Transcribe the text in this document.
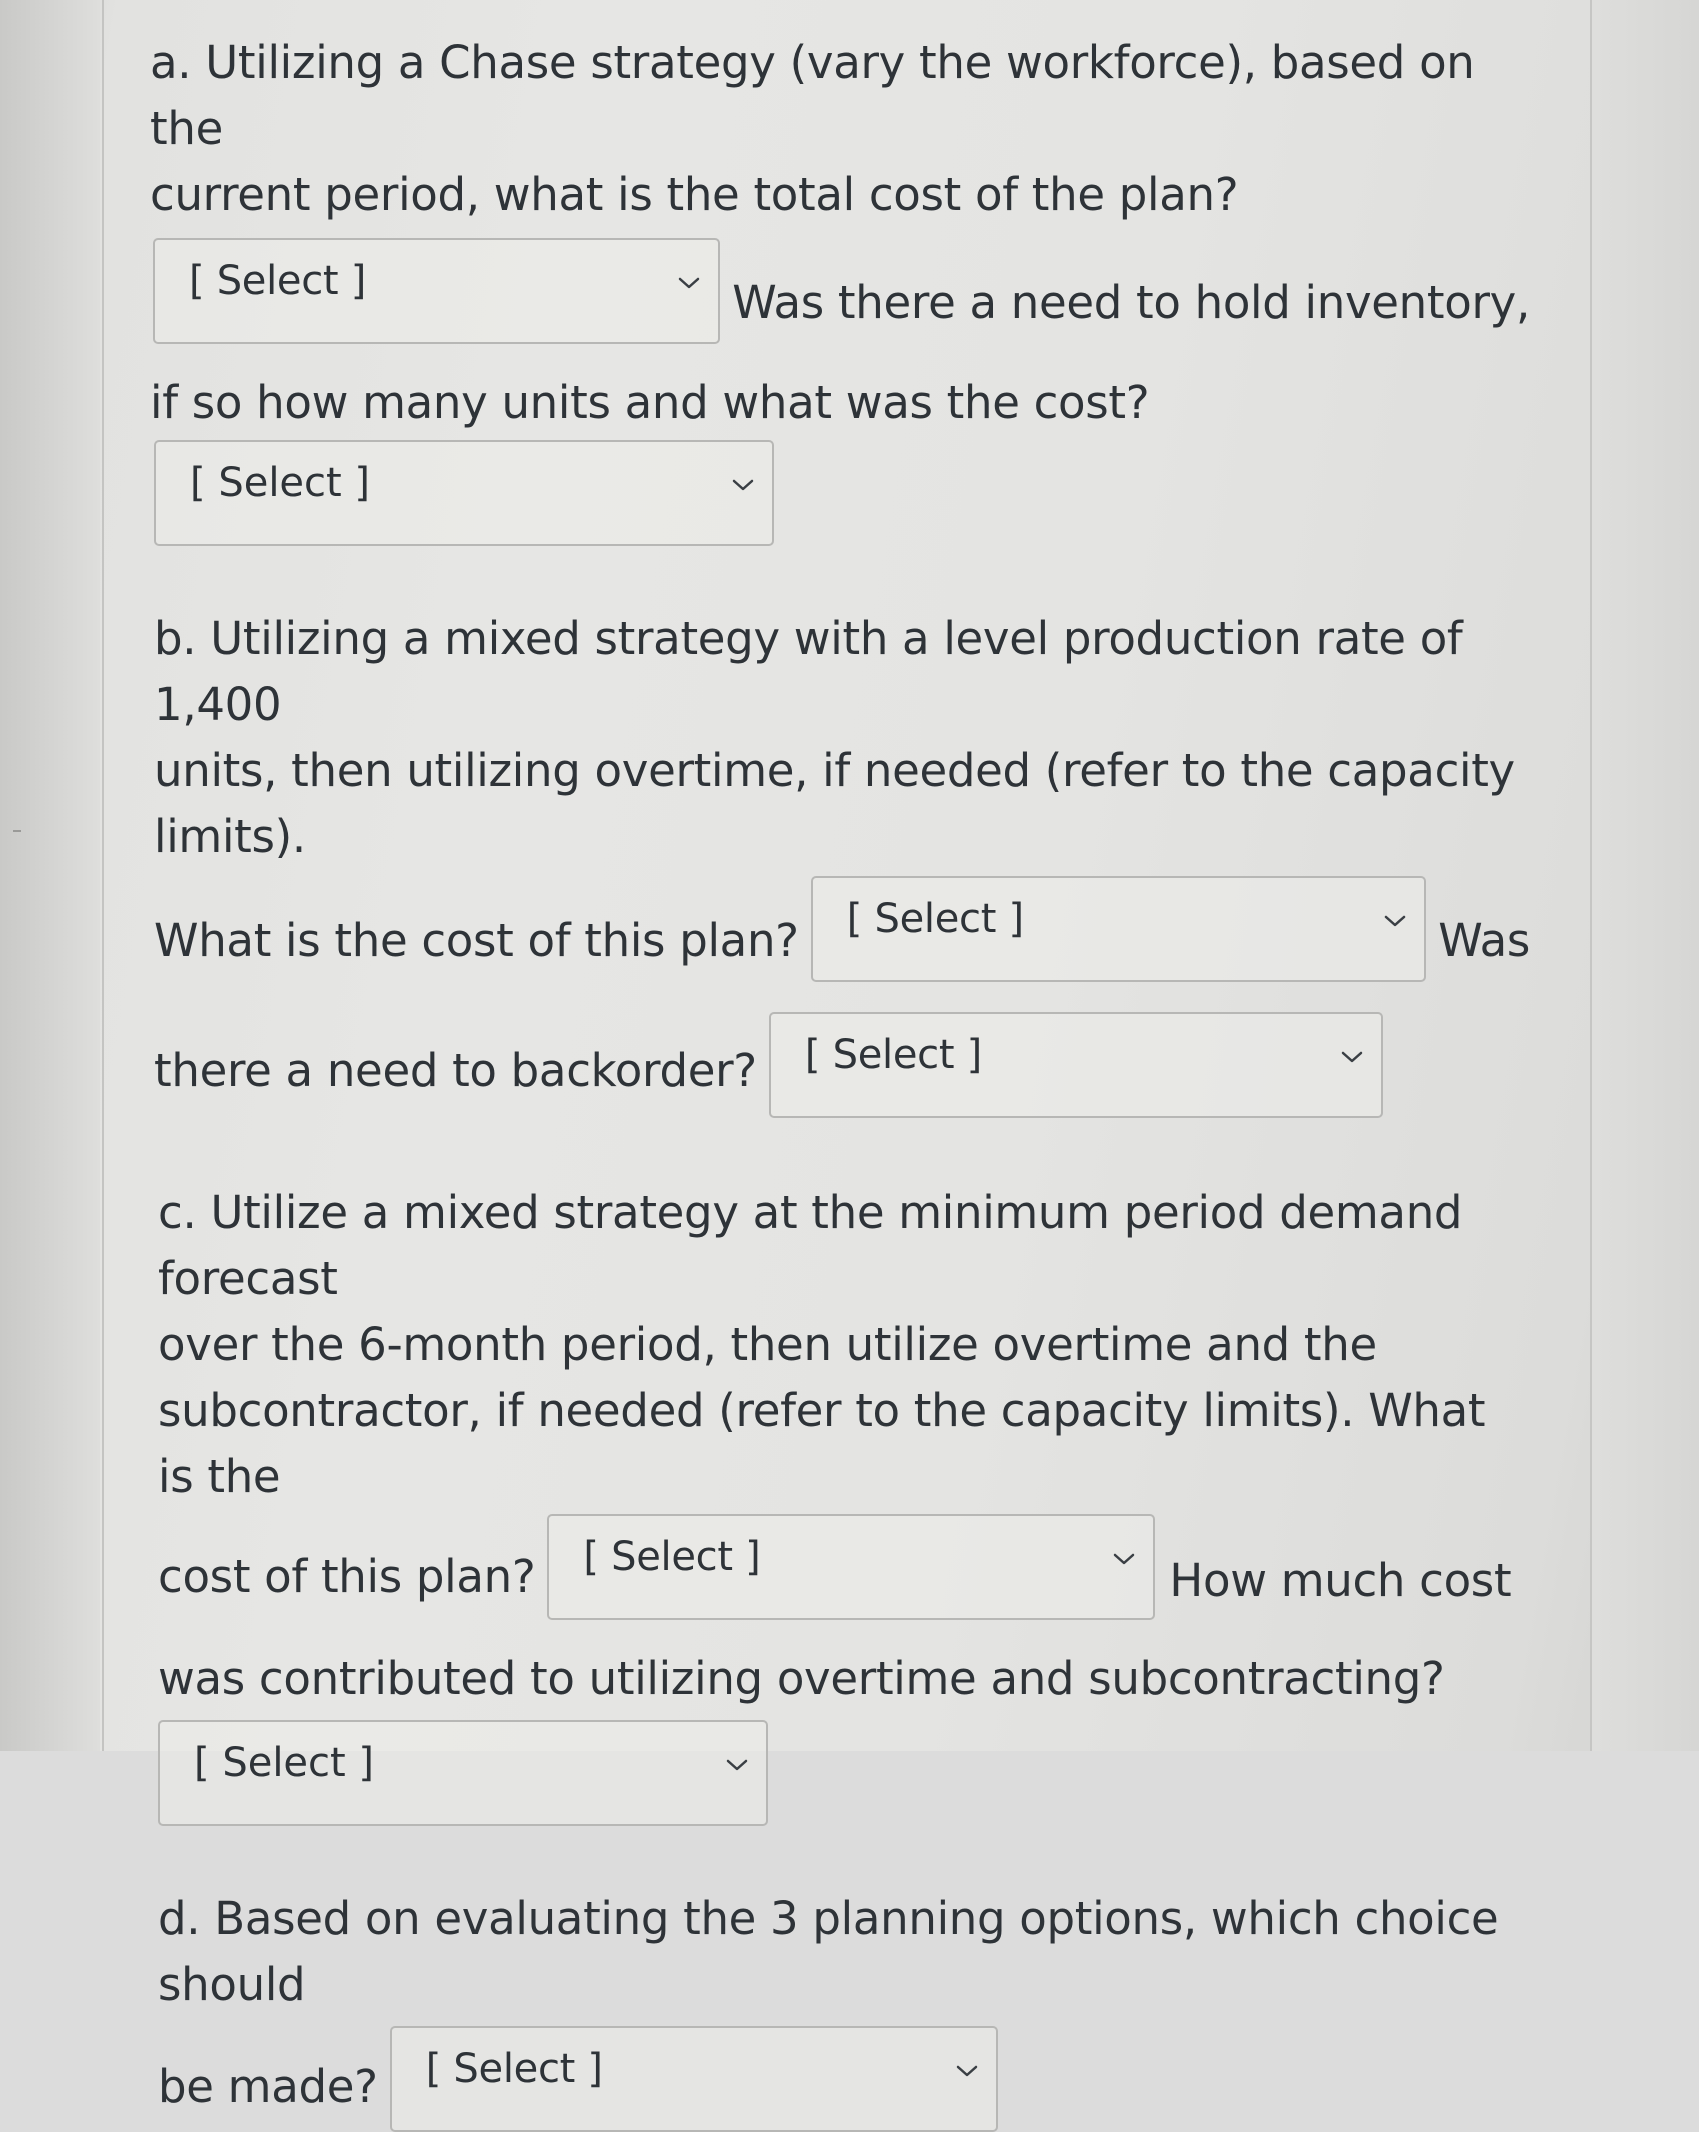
a. Utilizing a Chase strategy (vary the workforce), based on the
current period, what is the total cost of the plan?
[ Select ]	Was there a need to hold inventory,
if so how many units and what was the cost?
[ Select ]
b. Utilizing a mixed strategy with a level production rate of 1,400
units, then utilizing overtime, if needed (refer to the capacity limits).
What is the cost of this plan? [ Select ]	Was
there a need to backorder? [ Select ]
c. Utilize a mixed strategy at the minimum period demand forecast
over the 6-month period, then utilize overtime and the
subcontractor, if needed (refer to the capacity limits). What is the
cost of this plan? [ Select ]	How much cost
was contributed to utilizing overtime and subcontracting?
[ Select ]
d. Based on evaluating the 3 planning options, which choice should
be made? [ Select ]
